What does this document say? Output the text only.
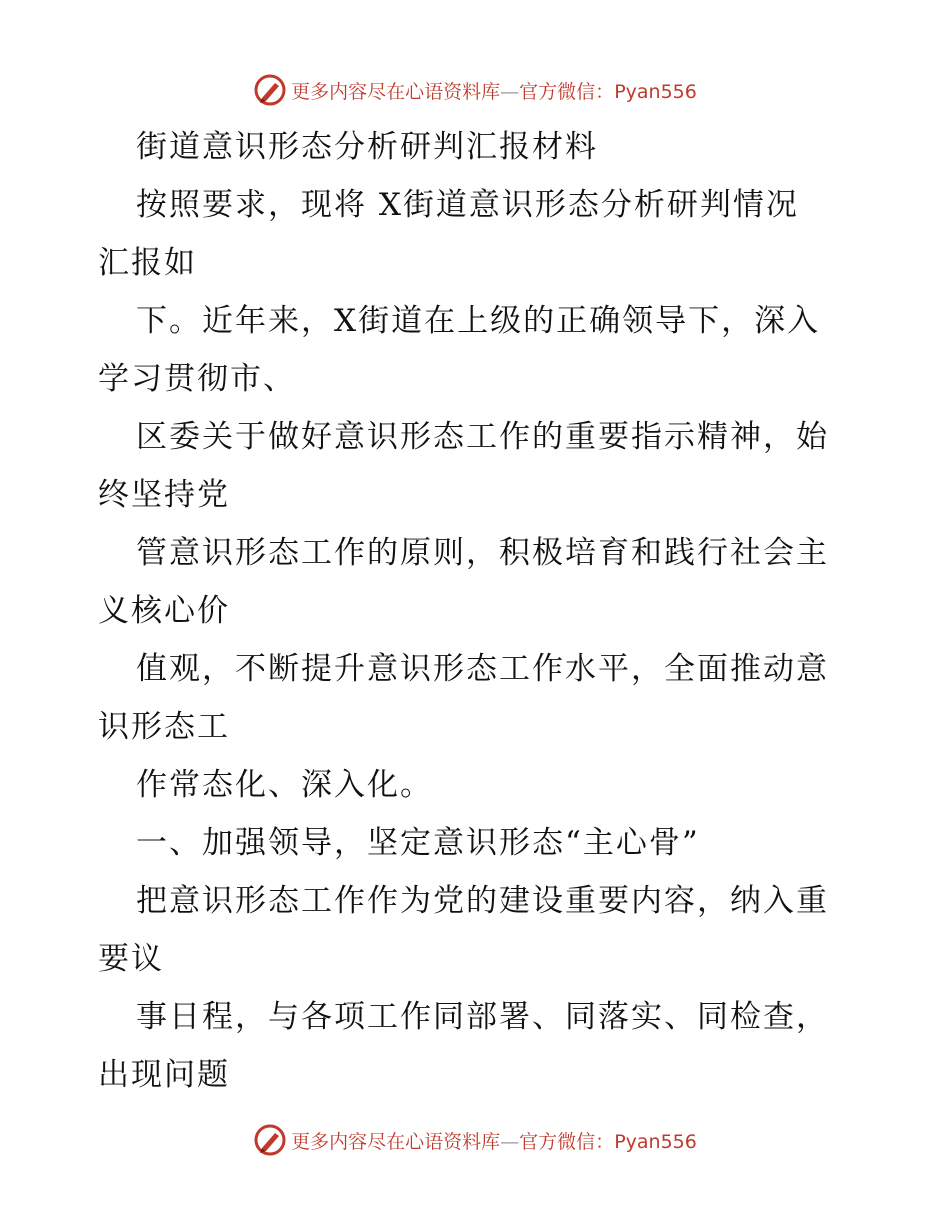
更多内容尽在心语资料库—官方微信：Pyan556
街道意识形态分析研判汇报材料
按照要求，现将 X街道意识形态分析研判情况
汇报如
下。近年来，X街道在上级的正确领导下，深入
学习贯彻市、
区委关于做好意识形态工作的重要指示精神，始
终坚持党
管意识形态工作的原则，积极培育和践行社会主
义核心价
值观，不断提升意识形态工作水平，全面推动意
识形态工
作常态化、深入化。
一、加强领导，坚定意识形态“主心骨”
把意识形态工作作为党的建设重要内容，纳入重
要议
事日程，与各项工作同部署、同落实、同检查，
出现问题
更多内容尽在心语资料库—官方微信：Pyan556
